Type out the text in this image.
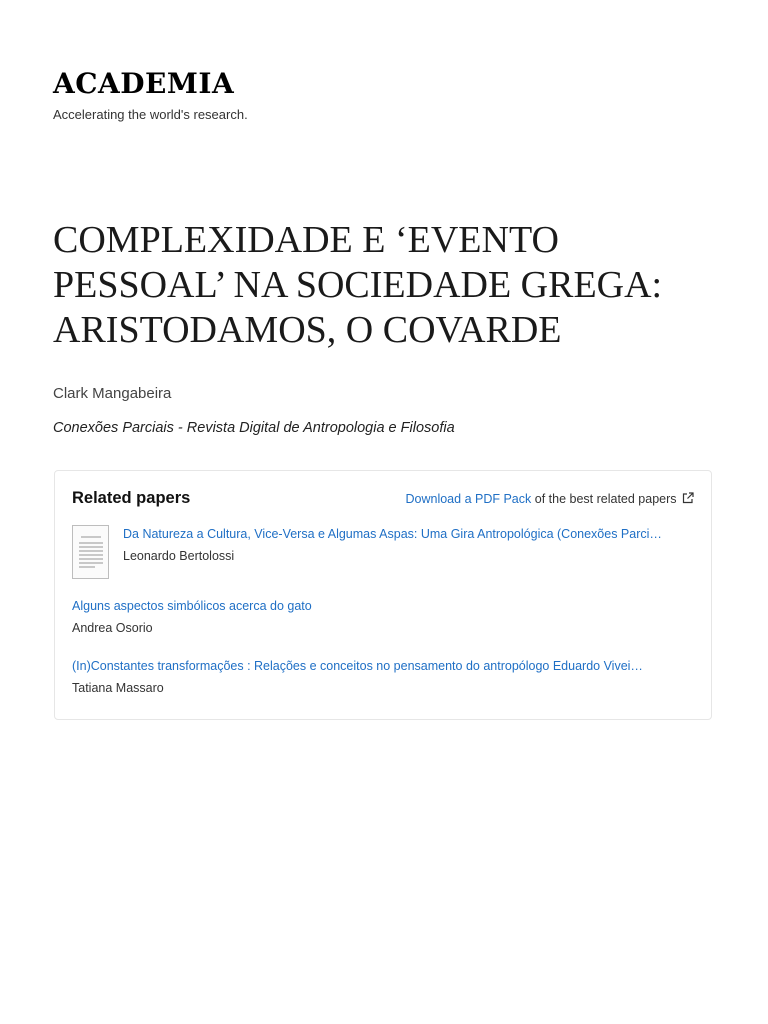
ACADEMIA
Accelerating the world's research.
COMPLEXIDADE E ‘EVENTO
PESSOAL’ NA SOCIEDADE GREGA:
ARISTODAMOS, O COVARDE
Clark Mangabeira
Conexões Parciais - Revista Digital de Antropologia e Filosofia
Related papers	Download a PDF Pack of the best related papers
Da Natureza a Cultura, Vice-Versa e Algumas Aspas: Uma Gira Antropológica (Conexões Parci…
Leonardo Bertolossi
Alguns aspectos simbólicos acerca do gato
Andrea Osorio
(In)Constantes transformações : Relações e conceitos no pensamento do antropólogo Eduardo Vivei…
Tatiana Massaro
